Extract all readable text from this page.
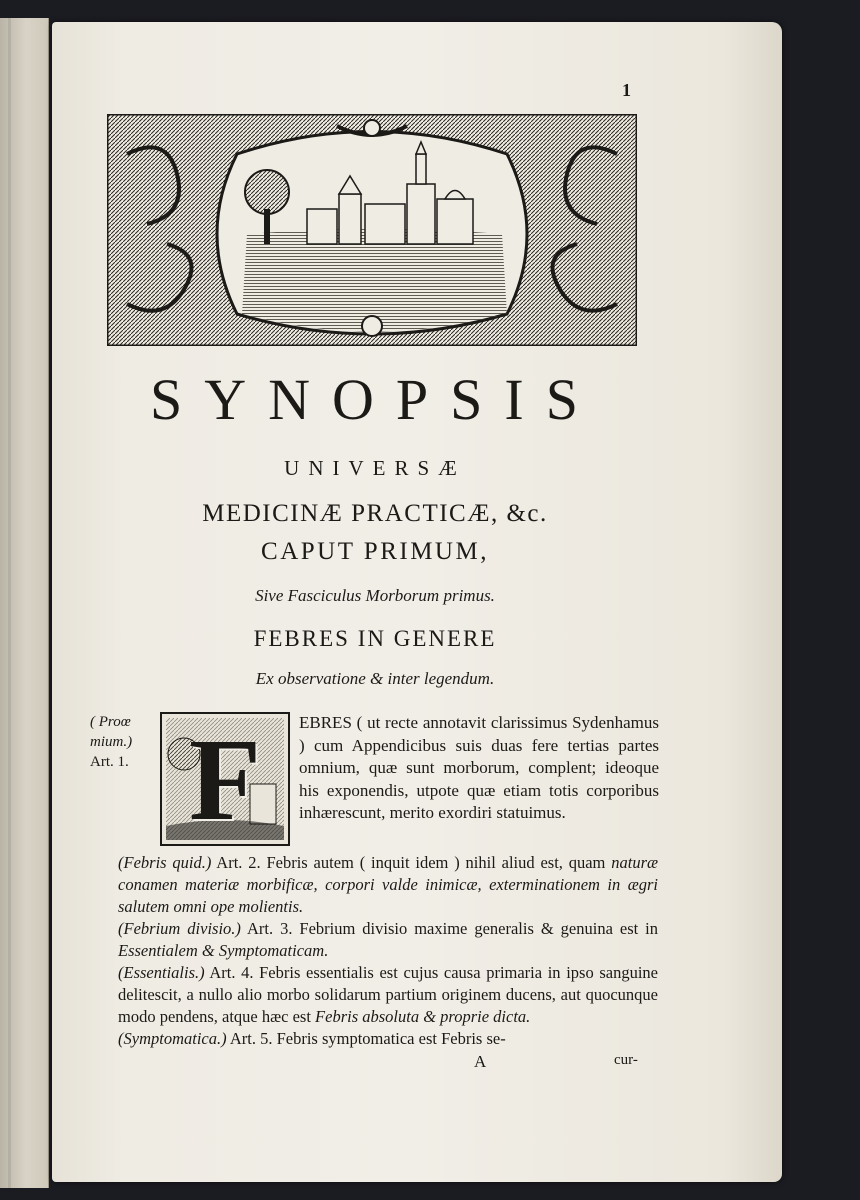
1
SYNOPSIS
UNIVERSÆ
MEDICINÆ PRACTICÆ, &c.
CAPUT PRIMUM,
Sive Fasciculus Morborum primus.
FEBRES IN GENERE
Ex observatione & inter legendum.
( Proœ
mium.)
Art. 1. F	EBRES ( ut recte annotavit clarissimus Sydenhamus ) cum Appendicibus suis duas fere tertias partes omnium, quæ sunt morborum, complent; ideoque his exponendis, utpote quæ etiam totis corporibus inhærescunt, merito exordiri statuimus.

(Febris quid.) Art. 2. Febris autem ( inquit idem ) nihil aliud est, quam naturæ conamen materiæ morbificæ, corpori valde inimicæ, exterminationem in ægri salutem omni ope molientis.

(Febrium divisio.) Art. 3. Febrium divisio maxime generalis & genuina est in Essentialem & Symptomaticam.

(Essentialis.) Art. 4. Febris essentialis est cujus causa primaria in ipso sanguine delitescit, a nullo alio morbo solidarum partium originem ducens, aut quocunque modo pendens, atque hæc est Febris absoluta & proprie dicta.

(Symptomatica.) Art. 5. Febris symptomatica est Febris se-

A	cur-
